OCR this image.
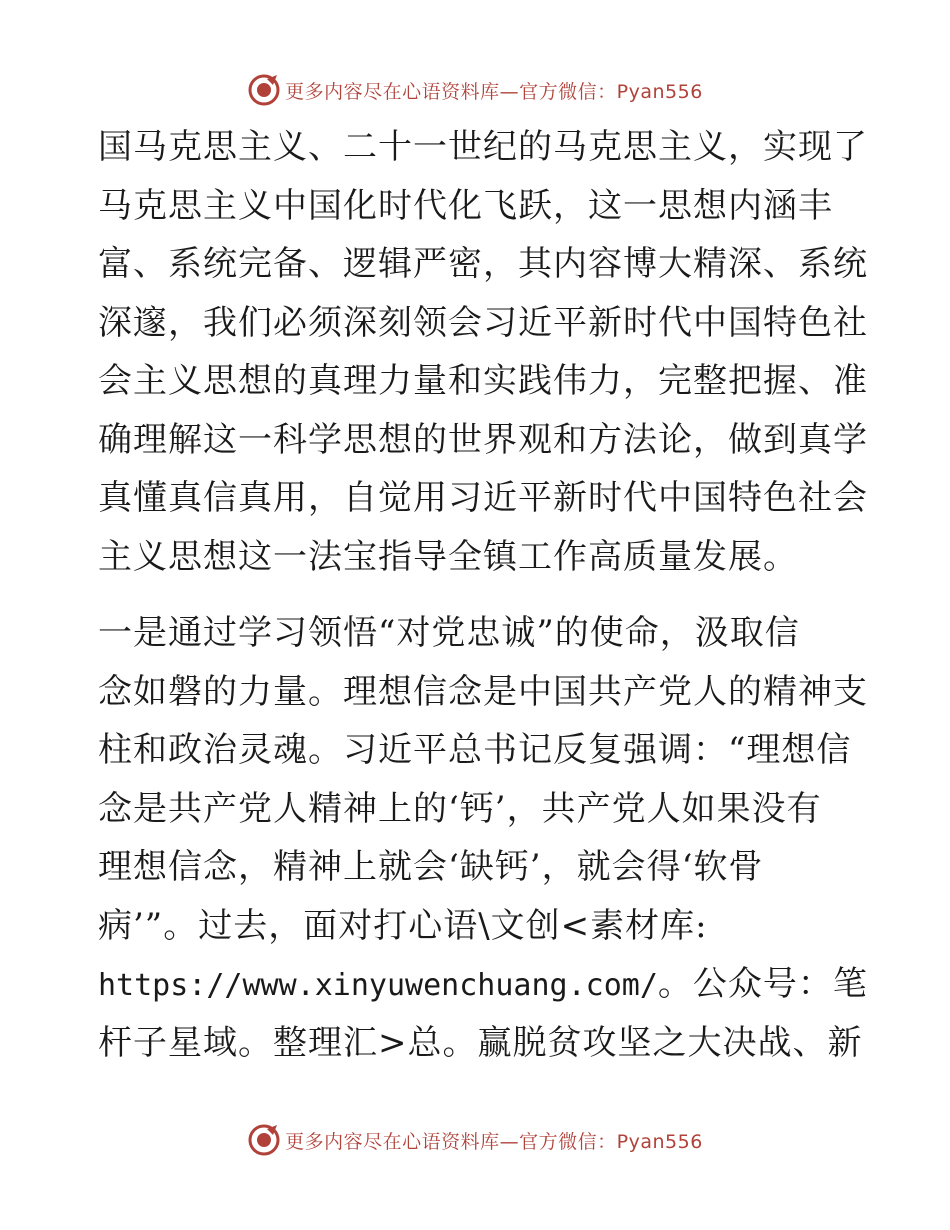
更多内容尽在心语资料库—官方微信：Pyan556
国马克思主义、二十一世纪的马克思主义，实现了
马克思主义中国化时代化飞跃，这一思想内涵丰
富、系统完备、逻辑严密，其内容博大精深、系统
深邃，我们必须深刻领会习近平新时代中国特色社
会主义思想的真理力量和实践伟力，完整把握、准
确理解这一科学思想的世界观和方法论，做到真学
真懂真信真用，自觉用习近平新时代中国特色社会
主义思想这一法宝指导全镇工作高质量发展。
一是通过学习领悟“对党忠诚”的使命，汲取信
念如磐的力量。理想信念是中国共产党人的精神支
柱和政治灵魂。习近平总书记反复强调：“理想信
念是共产党人精神上的‘钙’，共产党人如果没有
理想信念，精神上就会‘缺钙’，就会得‘软骨
病’”。过去，面对打心语\文创<素材库:
https://www.xinyuwenchuang.com/。公众号：笔
杆子星域。整理汇>总。赢脱贫攻坚之大决战、新
更多内容尽在心语资料库—官方微信：Pyan556
